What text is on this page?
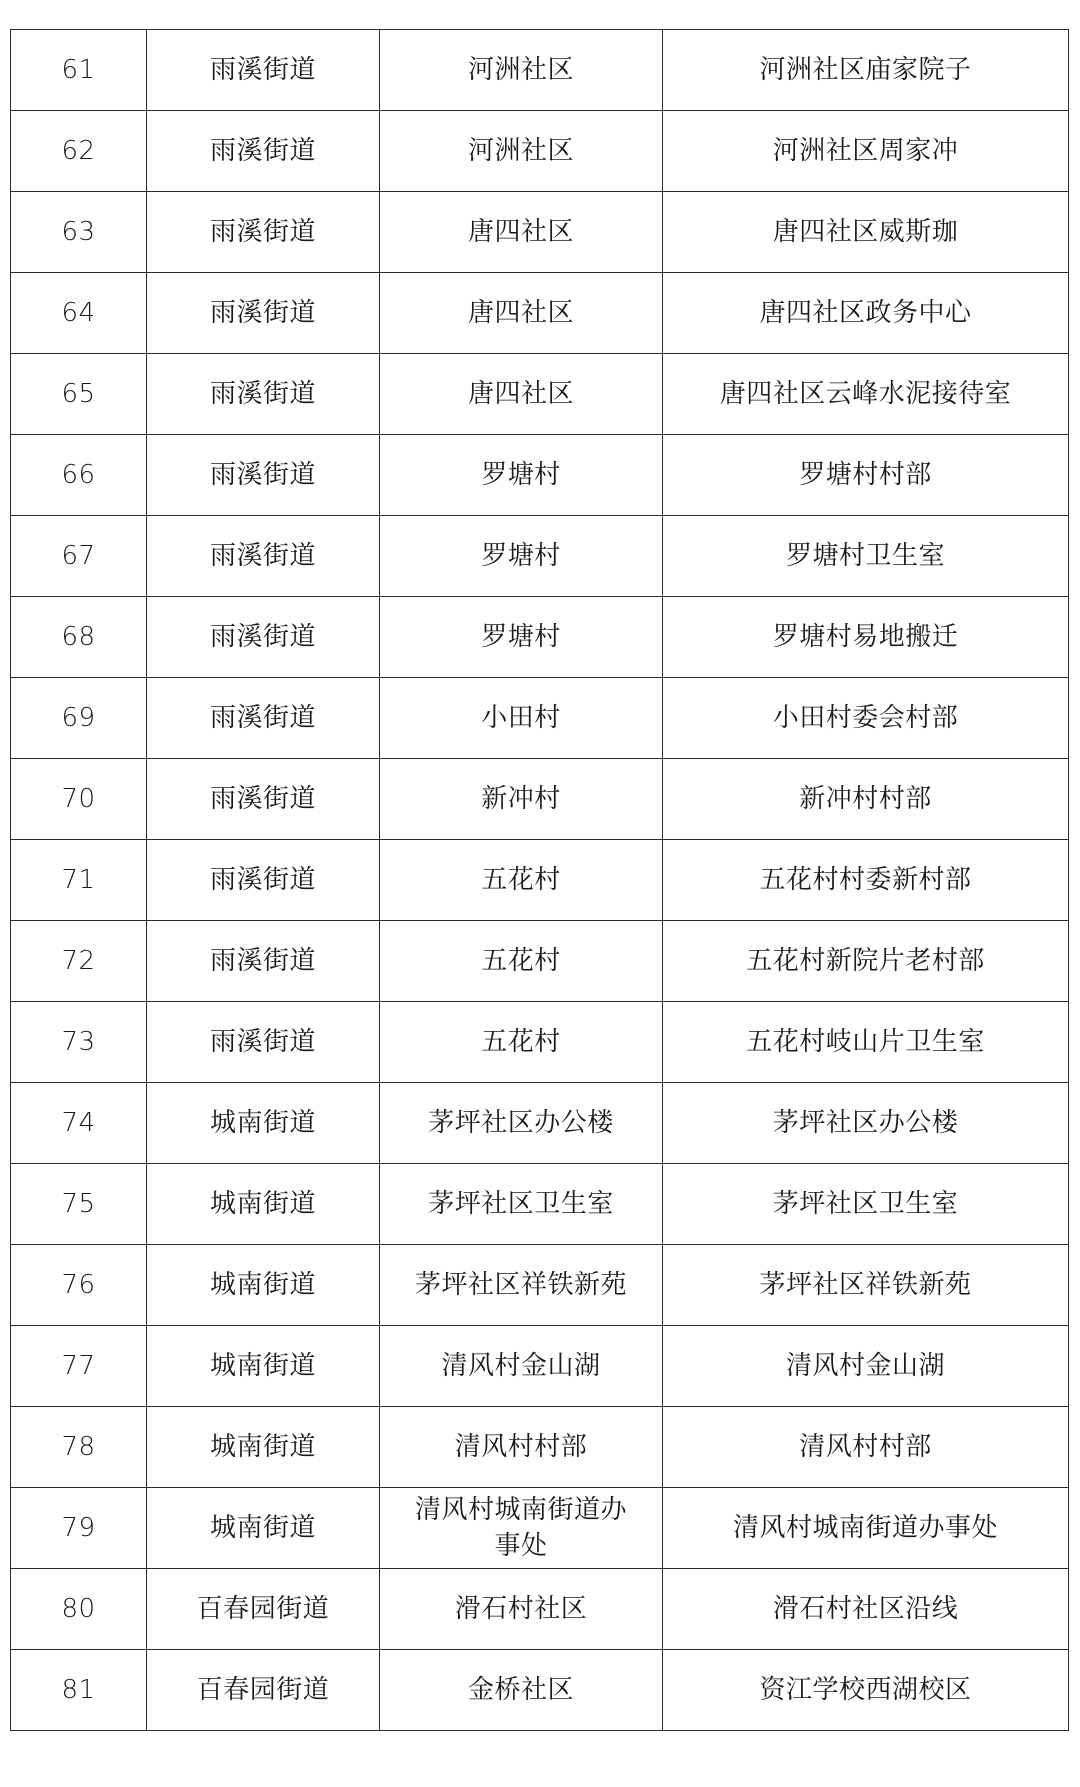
61	雨溪街道	河洲社区	河洲社区庙家院子
62	雨溪街道	河洲社区	河洲社区周家冲
63	雨溪街道	唐四社区	唐四社区威斯珈
64	雨溪街道	唐四社区	唐四社区政务中心
65	雨溪街道	唐四社区	唐四社区云峰水泥接待室
66	雨溪街道	罗塘村	罗塘村村部
67	雨溪街道	罗塘村	罗塘村卫生室
68	雨溪街道	罗塘村	罗塘村易地搬迁
69	雨溪街道	小田村	小田村委会村部
70	雨溪街道	新冲村	新冲村村部
71	雨溪街道	五花村	五花村村委新村部
72	雨溪街道	五花村	五花村新院片老村部
73	雨溪街道	五花村	五花村岐山片卫生室
74	城南街道	茅坪社区办公楼	茅坪社区办公楼
75	城南街道	茅坪社区卫生室	茅坪社区卫生室
76	城南街道	茅坪社区祥铁新苑	茅坪社区祥铁新苑
77	城南街道	清风村金山湖	清风村金山湖
78	城南街道	清风村村部	清风村村部
79	城南街道	清风村城南街道办事处	清风村城南街道办事处
80	百春园街道	滑石村社区	滑石村社区沿线
81	百春园街道	金桥社区	资江学校西湖校区
